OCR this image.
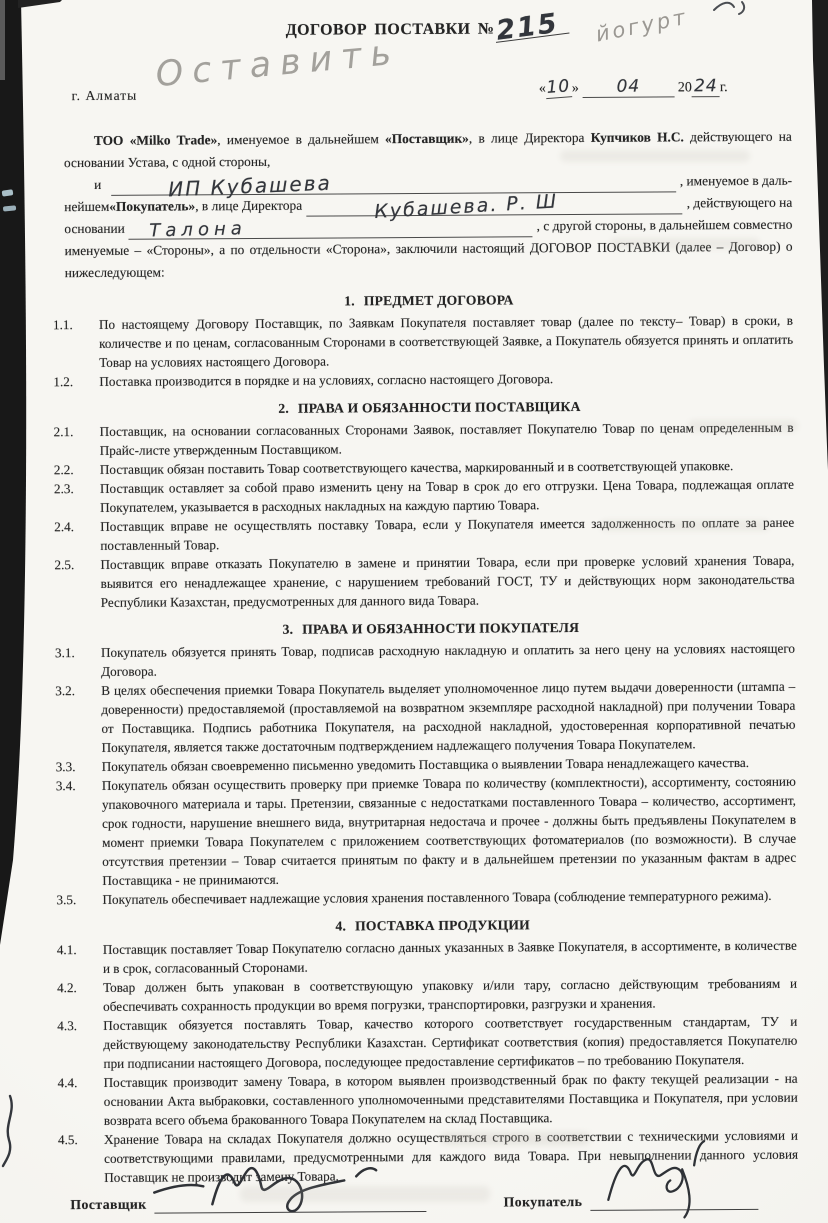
ДОГОВОР ПОСТАВКИ №215 йогурт
г. Алматы
Оставить	«10» 04	20 24 г.

ТОО «Milko Trade», именуемое в дальнейшем «Поставщик», в лице Директора Купчиков Н.С. действующего на основании Устава, с одной стороны,

и	ИП Кубашева	, именуемое в даль-
нейшем «Покупатель» , в лице Директора	Кубашева. Р. Ш	, действующего на
основании Талона	, с другой стороны, в дальнейшем совместно

именуемые – «Стороны», а по отдельности «Сторона», заключили настоящий ДОГОВОР ПОСТАВКИ (далее – Договор) о нижеследующем:

1. ПРЕДМЕТ ДОГОВОРА
1.1.	По настоящему Договору Поставщик, по Заявкам Покупателя поставляет товар (далее по тексту– Товар) в сроки, в количестве и по ценам, согласованным Сторонами в соответствующей Заявке, а Покупатель обязуется принять и оплатить Товар на условиях настоящего Договора.
1.2.	Поставка производится в порядке и на условиях, согласно настоящего Договора.
2. ПРАВА И ОБЯЗАННОСТИ ПОСТАВЩИКА
2.1.	Поставщик, на основании согласованных Сторонами Заявок, поставляет Покупателю Товар по ценам определенным в Прайс-листе утвержденным Поставщиком.
2.2.	Поставщик обязан поставить Товар соответствующего качества, маркированный и в соответствующей упаковке.
2.3.	Поставщик оставляет за собой право изменить цену на Товар в срок до его отгрузки. Цена Товара, подлежащая оплате Покупателем, указывается в расходных накладных на каждую партию Товара.
2.4.	Поставщик вправе не осуществлять поставку Товара, если у Покупателя имеется задолженность по оплате за ранее поставленный Товар.
2.5.	Поставщик вправе отказать Покупателю в замене и принятии Товара, если при проверке условий хранения Товара, выявится его ненадлежащее хранение, с нарушением требований ГОСТ, ТУ и действующих норм законодательства Республики Казахстан, предусмотренных для данного вида Товара.
3. ПРАВА И ОБЯЗАННОСТИ ПОКУПАТЕЛЯ
3.1.	Покупатель обязуется принять Товар, подписав расходную накладную и оплатить за него цену на условиях настоящего Договора.
3.2.	В целях обеспечения приемки Товара Покупатель выделяет уполномоченное лицо путем выдачи доверенности (штампа – доверенности) предоставляемой (проставляемой на возвратном экземпляре расходной накладной) при получении Товара от Поставщика. Подпись работника Покупателя, на расходной накладной, удостоверенная корпоративной печатью Покупателя, является также достаточным подтверждением надлежащего получения Товара Покупателем.
3.3.	Покупатель обязан своевременно письменно уведомить Поставщика о выявлении Товара ненадлежащего качества.
3.4.	Покупатель обязан осуществить проверку при приемке Товара по количеству (комплектности), ассортименту, состоянию упаковочного материала и тары. Претензии, связанные с недостатками поставленного Товара – количество, ассортимент, срок годности, нарушение внешнего вида, внутритарная недостача и прочее - должны быть предъявлены Покупателем в момент приемки Товара Покупателем с приложением соответствующих фотоматериалов (по возможности). В случае отсутствия претензии – Товар считается принятым по факту и в дальнейшем претензии по указанным фактам в адрес Поставщика - не принимаются.
3.5.	Покупатель обеспечивает надлежащие условия хранения поставленного Товара (соблюдение температурного режима).
4. ПОСТАВКА ПРОДУКЦИИ
4.1.	Поставщик поставляет Товар Покупателю согласно данных указанных в Заявке Покупателя, в ассортименте, в количестве и в срок, согласованный Сторонами.
4.2.	Товар должен быть упакован в соответствующую упаковку и/или тару, согласно действующим требованиям и обеспечивать сохранность продукции во время погрузки, транспортировки, разгрузки и хранения.
4.3.	Поставщик обязуется поставлять Товар, качество которого соответствует государственным стандартам, ТУ и действующему законодательству Республики Казахстан. Сертификат соответствия (копия) предоставляется Покупателю при подписании настоящего Договора, последующее предоставление сертификатов – по требованию Покупателя.
4.4.	Поставщик производит замену Товара, в котором выявлен производственный брак по факту текущей реализации - на основании Акта выбраковки, составленного уполномоченными представителями Поставщика и Покупателя, при условии возврата всего объема бракованного Товара Покупателем на склад Поставщика.
4.5.	Хранение Товара на складах Покупателя должно осуществляться строго в соответствии с техническими условиями и соответствующими правилами, предусмотренными для каждого вида Товара. При невыполнении данного условия Поставщик не производит замену Товара.
Поставщик	Покупатель
